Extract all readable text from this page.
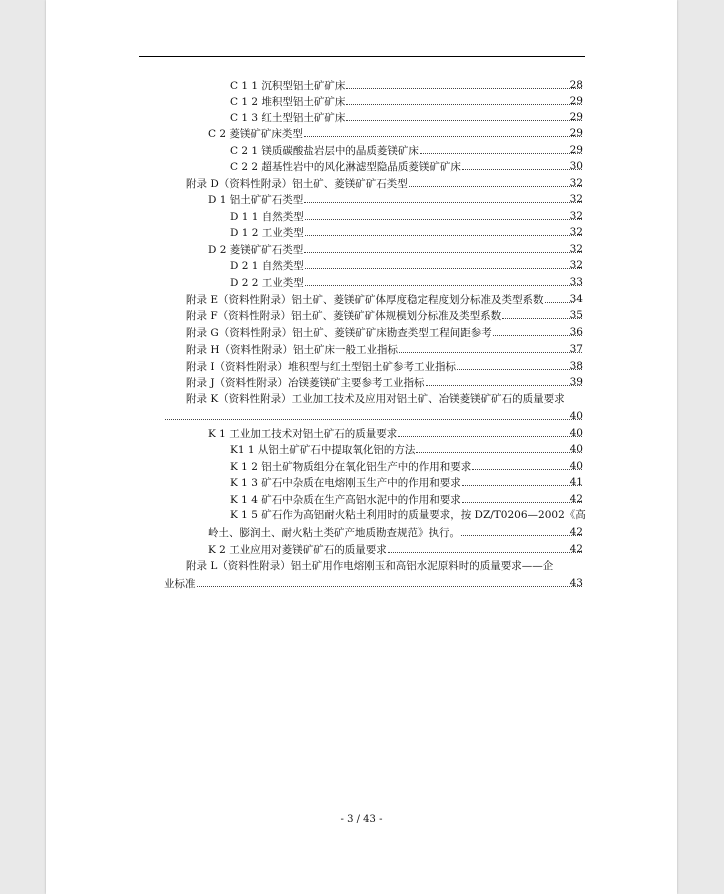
C 1 1 沉积型铝土矿矿床	28
C 1 2 堆积型铝土矿矿床	29
C 1 3 红土型铝土矿矿床	29
C 2 菱镁矿矿床类型	29
C 2 1 镁质碳酸盐岩层中的晶质菱镁矿床	29
C 2 2 超基性岩中的风化淋滤型隐晶质菱镁矿矿床	30
附录 D（资料性附录）铝土矿、菱镁矿矿石类型	32
D 1 铝土矿矿石类型	32
D 1 1 自然类型	32
D 1 2 工业类型	32
D 2 菱镁矿矿石类型	32
D 2 1 自然类型	32
D 2 2 工业类型	33
附录 E（资料性附录）铝土矿、菱镁矿矿体厚度稳定程度划分标准及类型系数 34
附录 F（资料性附录）铝土矿、菱镁矿矿体规模划分标准及类型系数	35
附录 G（资料性附录）铝土矿、菱镁矿矿床勘查类型工程间距参考	36
附录 H（资料性附录）铝土矿床一般工业指标	37
附录 I（资料性附录）堆积型与红土型铝土矿参考工业指标	38
附录 J（资料性附录）冶镁菱镁矿主要参考工业指标	39
附录 K（资料性附录）工业加工技术及应用对铝土矿、冶镁菱镁矿矿石的质量要求
40
K 1 工业加工技术对铝土矿石的质量要求	40
K1 1 从铝土矿矿石中提取氧化铝的方法	40
K 1 2 铝土矿物质组分在氧化铝生产中的作用和要求	40
K 1 3 矿石中杂质在电熔刚玉生产中的作用和要求	41
K 1 4 矿石中杂质在生产高铝水泥中的作用和要求	42
K 1 5 矿石作为高铝耐火粘土利用时的质量要求，按 DZ/T0206—2002《高
岭土、膨润土、耐火粘土类矿产地质勘查规范》执行。	42
K 2 工业应用对菱镁矿矿石的质量要求	42
附录 L（资料性附录）铝土矿用作电熔刚玉和高铝水泥原料时的质量要求——企
业标准	43
- 3 / 43 -
